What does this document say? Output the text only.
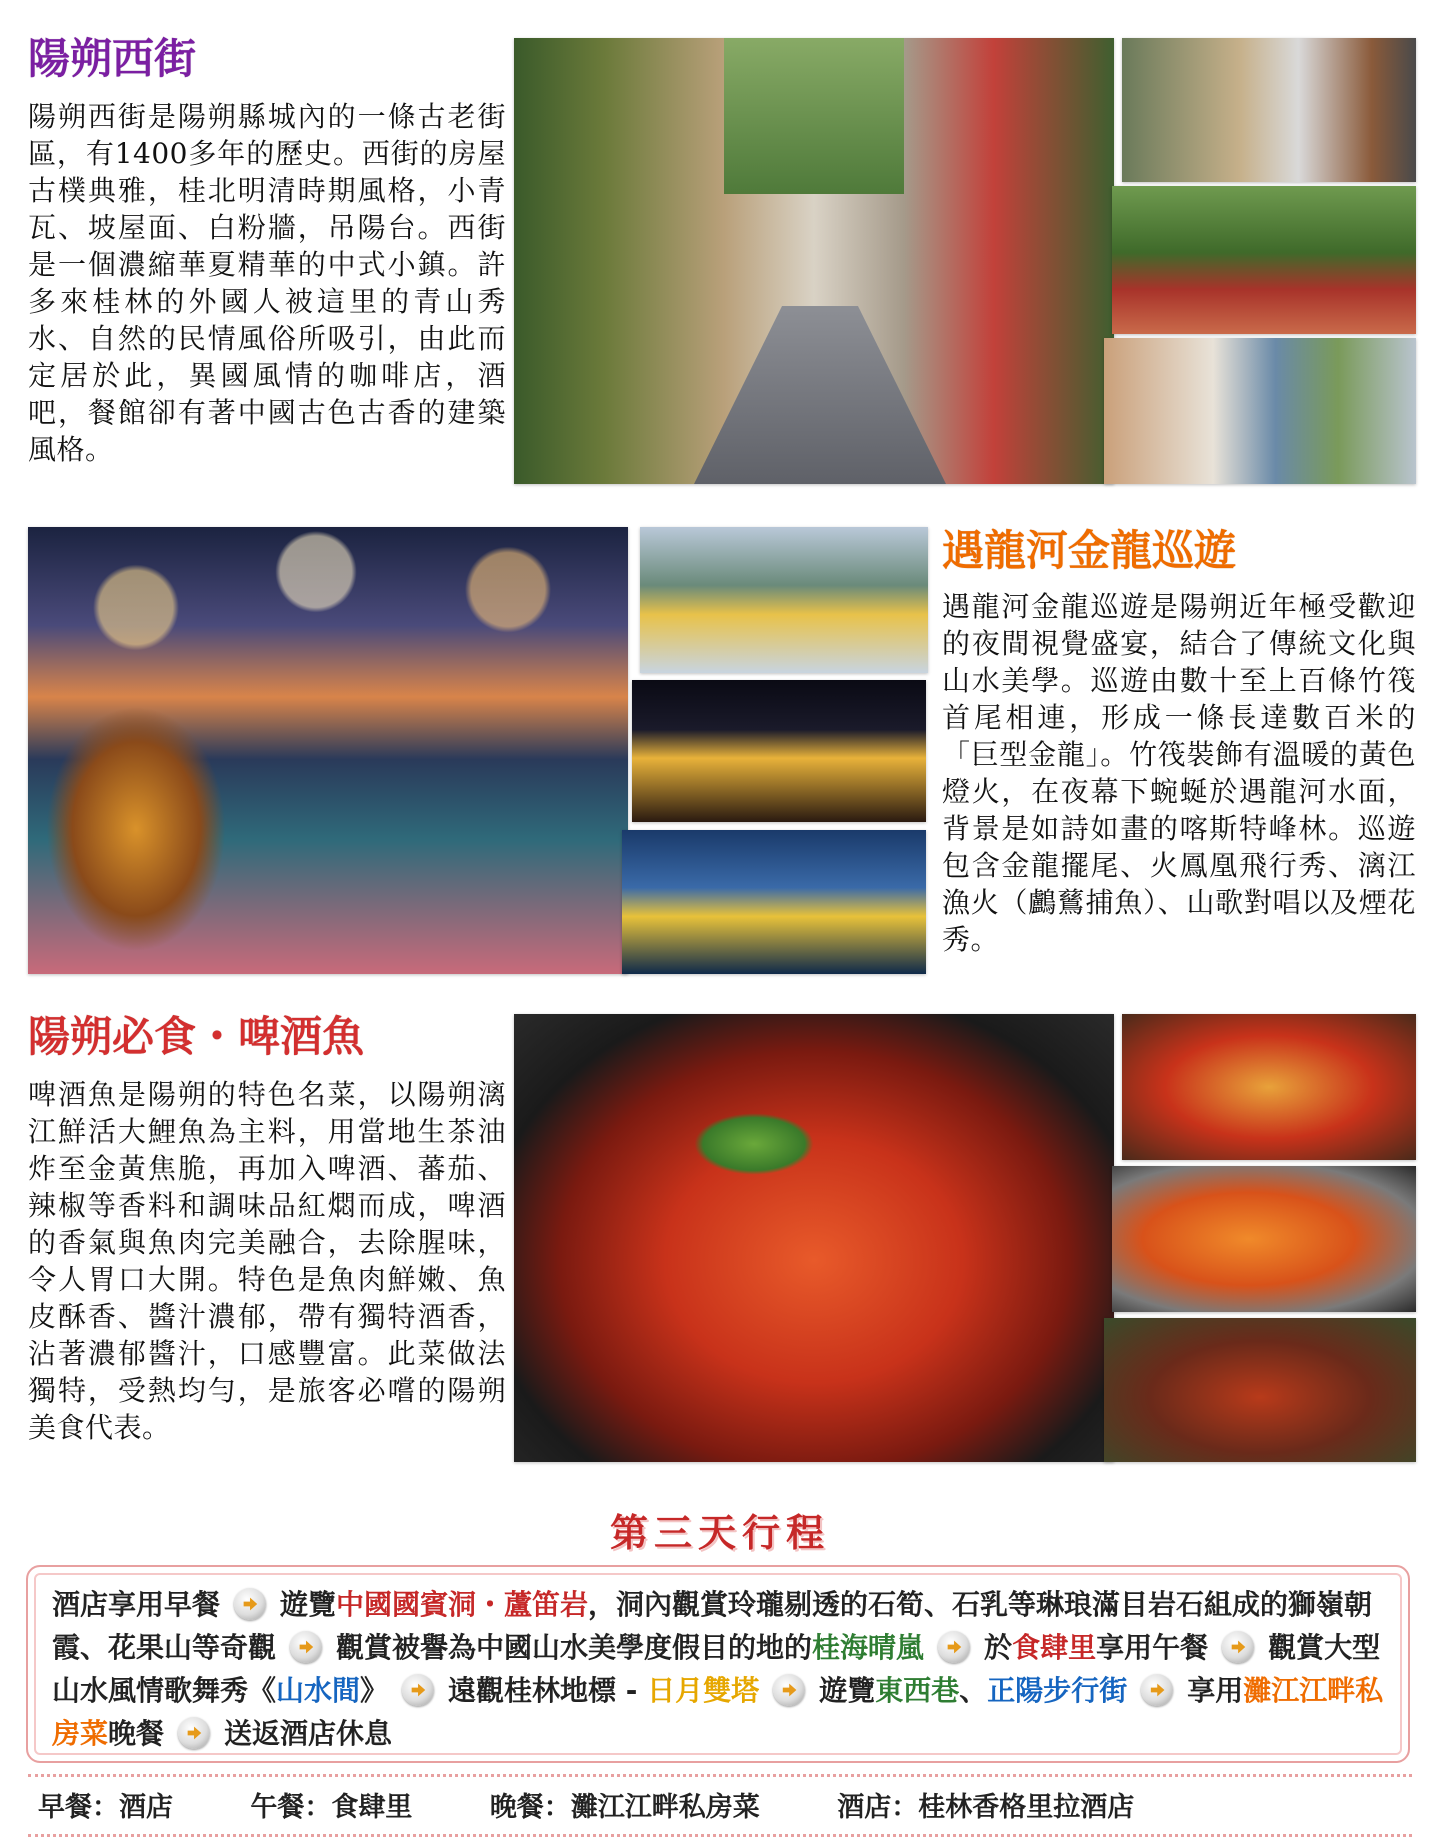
陽朔西街

陽朔西街是陽朔縣城內的一條古老街區，有1400多年的歷史。西街的房屋古樸典雅，桂北明清時期風格，小青瓦、坡屋面、白粉牆，吊陽台。西街是一個濃縮華夏精華的中式小鎮。許多來桂林的外國人被這里的青山秀水、自然的民情風俗所吸引，由此而定居於此，異國風情的咖啡店，酒吧，餐館卻有著中國古色古香的建築風格。

遇龍河金龍巡遊

遇龍河金龍巡遊是陽朔近年極受歡迎的夜間視覺盛宴，結合了傳統文化與山水美學。巡遊由數十至上百條竹筏首尾相連，形成一條長達數百米的「巨型金龍」。竹筏裝飾有溫暖的黃色燈火，在夜幕下蜿蜒於遇龍河水面，背景是如詩如畫的喀斯特峰林。巡遊包含金龍擺尾、火鳳凰飛行秀、漓江漁火（鸕鶿捕魚）、山歌對唱以及煙花秀。

陽朔必食・啤酒魚

啤酒魚是陽朔的特色名菜，以陽朔漓江鮮活大鯉魚為主料，用當地生茶油炸至金黃焦脆，再加入啤酒、蕃茄、辣椒等香料和調味品紅燜而成，啤酒的香氣與魚肉完美融合，去除腥味，令人胃口大開。特色是魚肉鮮嫩、魚皮酥香、醬汁濃郁，帶有獨特酒香，沾著濃郁醬汁，口感豐富。此菜做法獨特，受熱均勻，是旅客必嚐的陽朔美食代表。

第三天行程

酒店享用早餐 遊覽中國國賓洞・蘆笛岩，洞內觀賞玲瓏剔透的石筍、石乳等琳琅滿目岩石組成的獅嶺朝霞、花果山等奇觀 觀賞被譽為中國山水美學度假目的地的桂海晴嵐 於食肆里享用午餐 觀賞大型山水風情歌舞秀《山水間》 遠觀桂林地標 - 日月雙塔 遊覽東西巷、正陽步行街 享用灘江江畔私房菜晚餐 送返酒店休息

早餐：酒店	午餐：食肆里	晚餐：灘江江畔私房菜	酒店：桂林香格里拉酒店
